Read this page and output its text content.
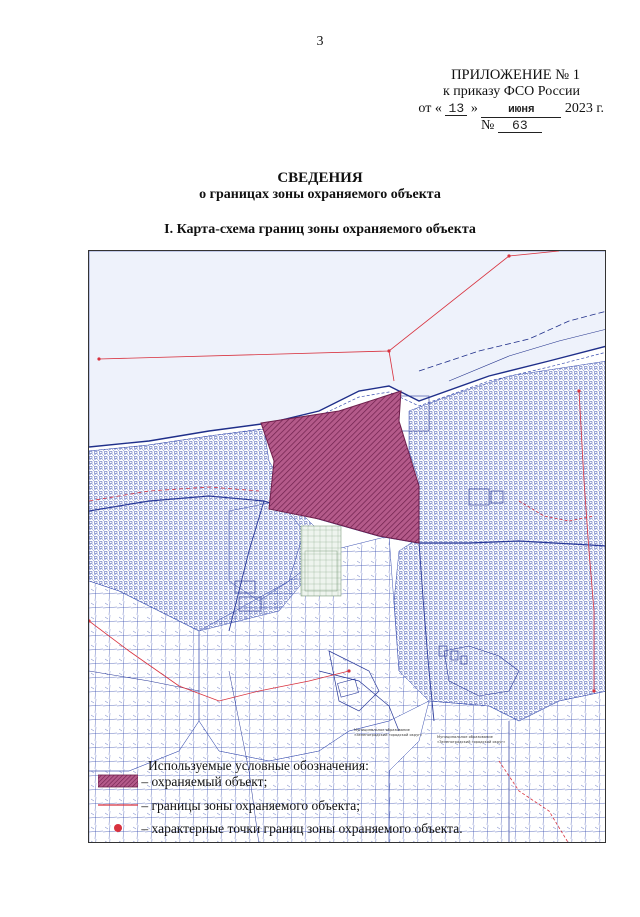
3
ПРИЛОЖЕНИЕ № 1
к приказу ФСО России
от « 13 »	июня 2023 г.
№ 63
СВЕДЕНИЯ
о границах зоны охраняемого объекта
I. Карта-схема границ зоны охраняемого объекта
Муниципальное образование
«Зеленоградский городской округ»	Муниципальное образование
«Зеленоградский городской округ»
Используемые условные обозначения:
– охраняемый объект;
– границы зоны охраняемого объекта;
– характерные точки границ зоны охраняемого объекта.
